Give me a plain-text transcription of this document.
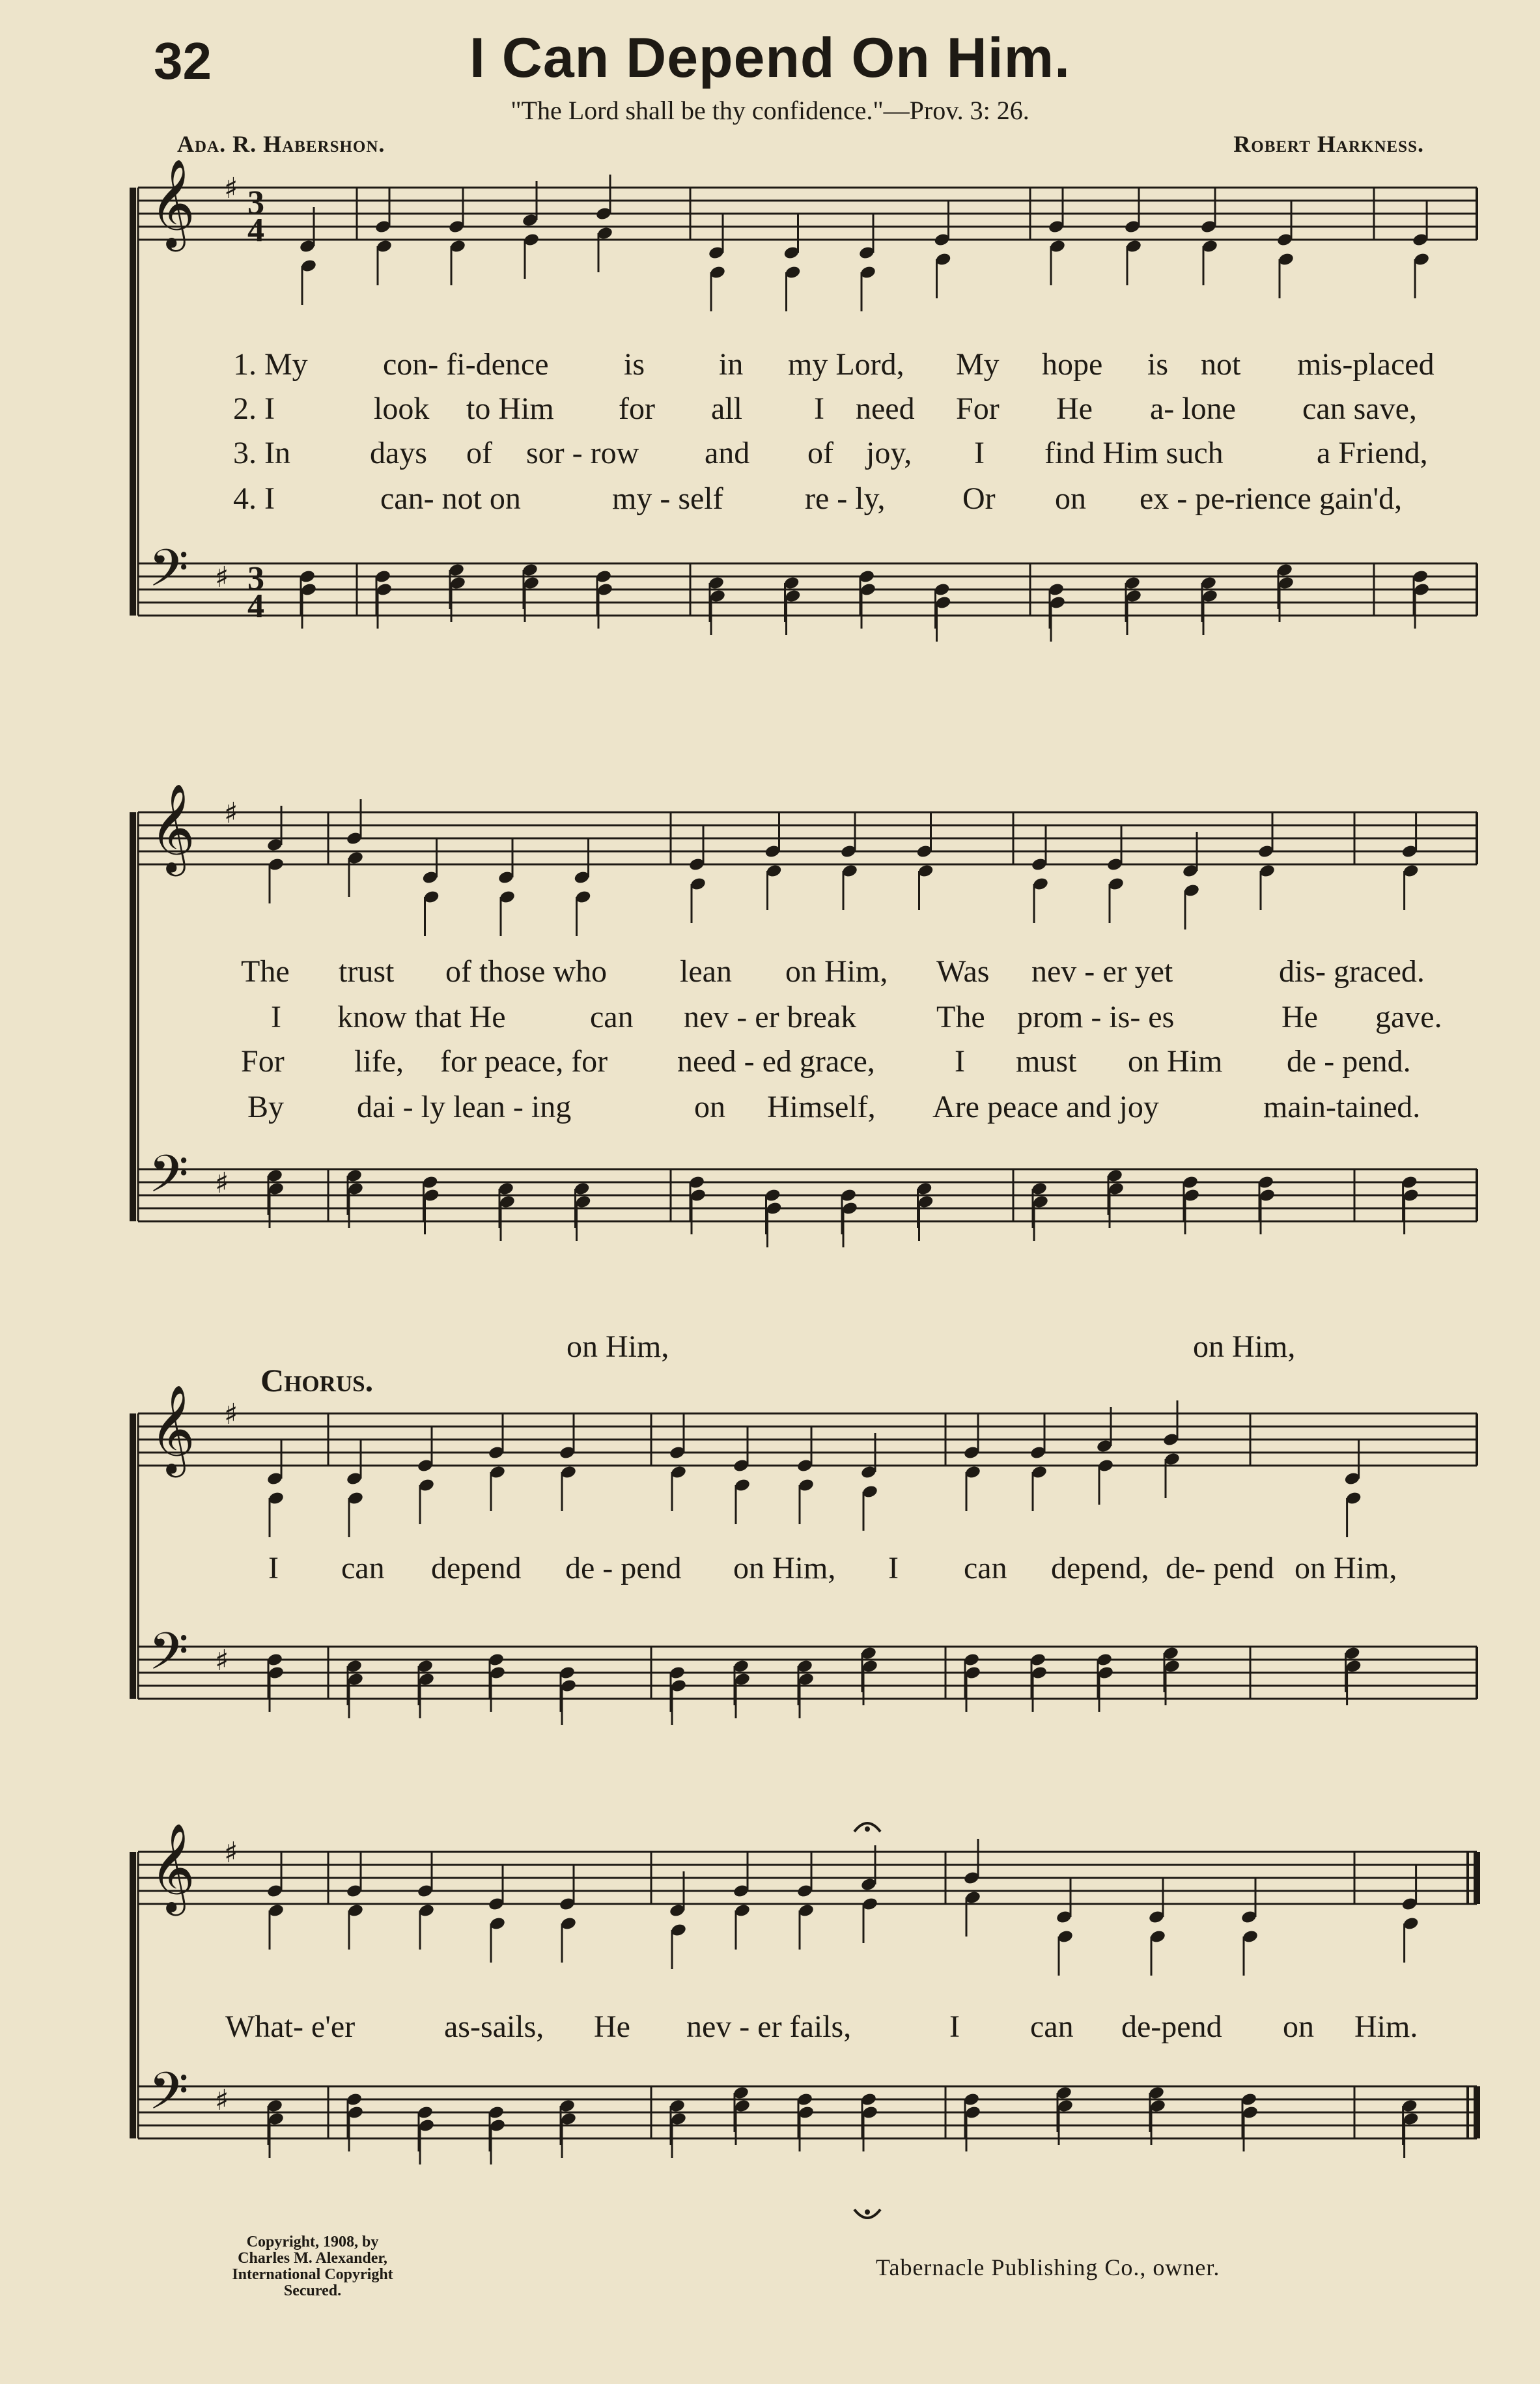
32	I Can Depend On Him.
"The Lord shall be thy confidence."—Prov. 3: 26.
Ada. R. Habershon.	Robert Harkness.
𝄞
𝄢
♯
♯
3
4
3
4
𝄞
𝄢
♯
♯
𝄞
𝄢
♯
♯
𝄞
𝄢
♯
♯
1. My con- fi-dence is in my Lord, My hope is not mis-placed
2. I	look to Him for all I need For He a- lone can save,
3. In	days of sor - row and of joy, I find Him such	a Friend,
4. I	can- not on	my - self	re - ly, Or on ex - pe-rience gain'd,
The trust of those who lean on Him, Was nev - er yet	dis- graced.
I know that He	can nev - er break	The prom - is- es	He gave.
For life, for peace, for need - ed grace,	I must on Him de - pend.
By dai - ly lean - ing	on Himself, Are peace and joy	main-tained.
on Him,	on Him,
Chorus.
I can depend de - pend on Him, I can depend, de- pend on Him,
What- e'er	as-sails, He nev - er fails,	I can de-pend on Him.
Copyright, 1908, by
Charles M. Alexander,
International Copyright Secured.
Tabernacle Publishing Co., owner.
